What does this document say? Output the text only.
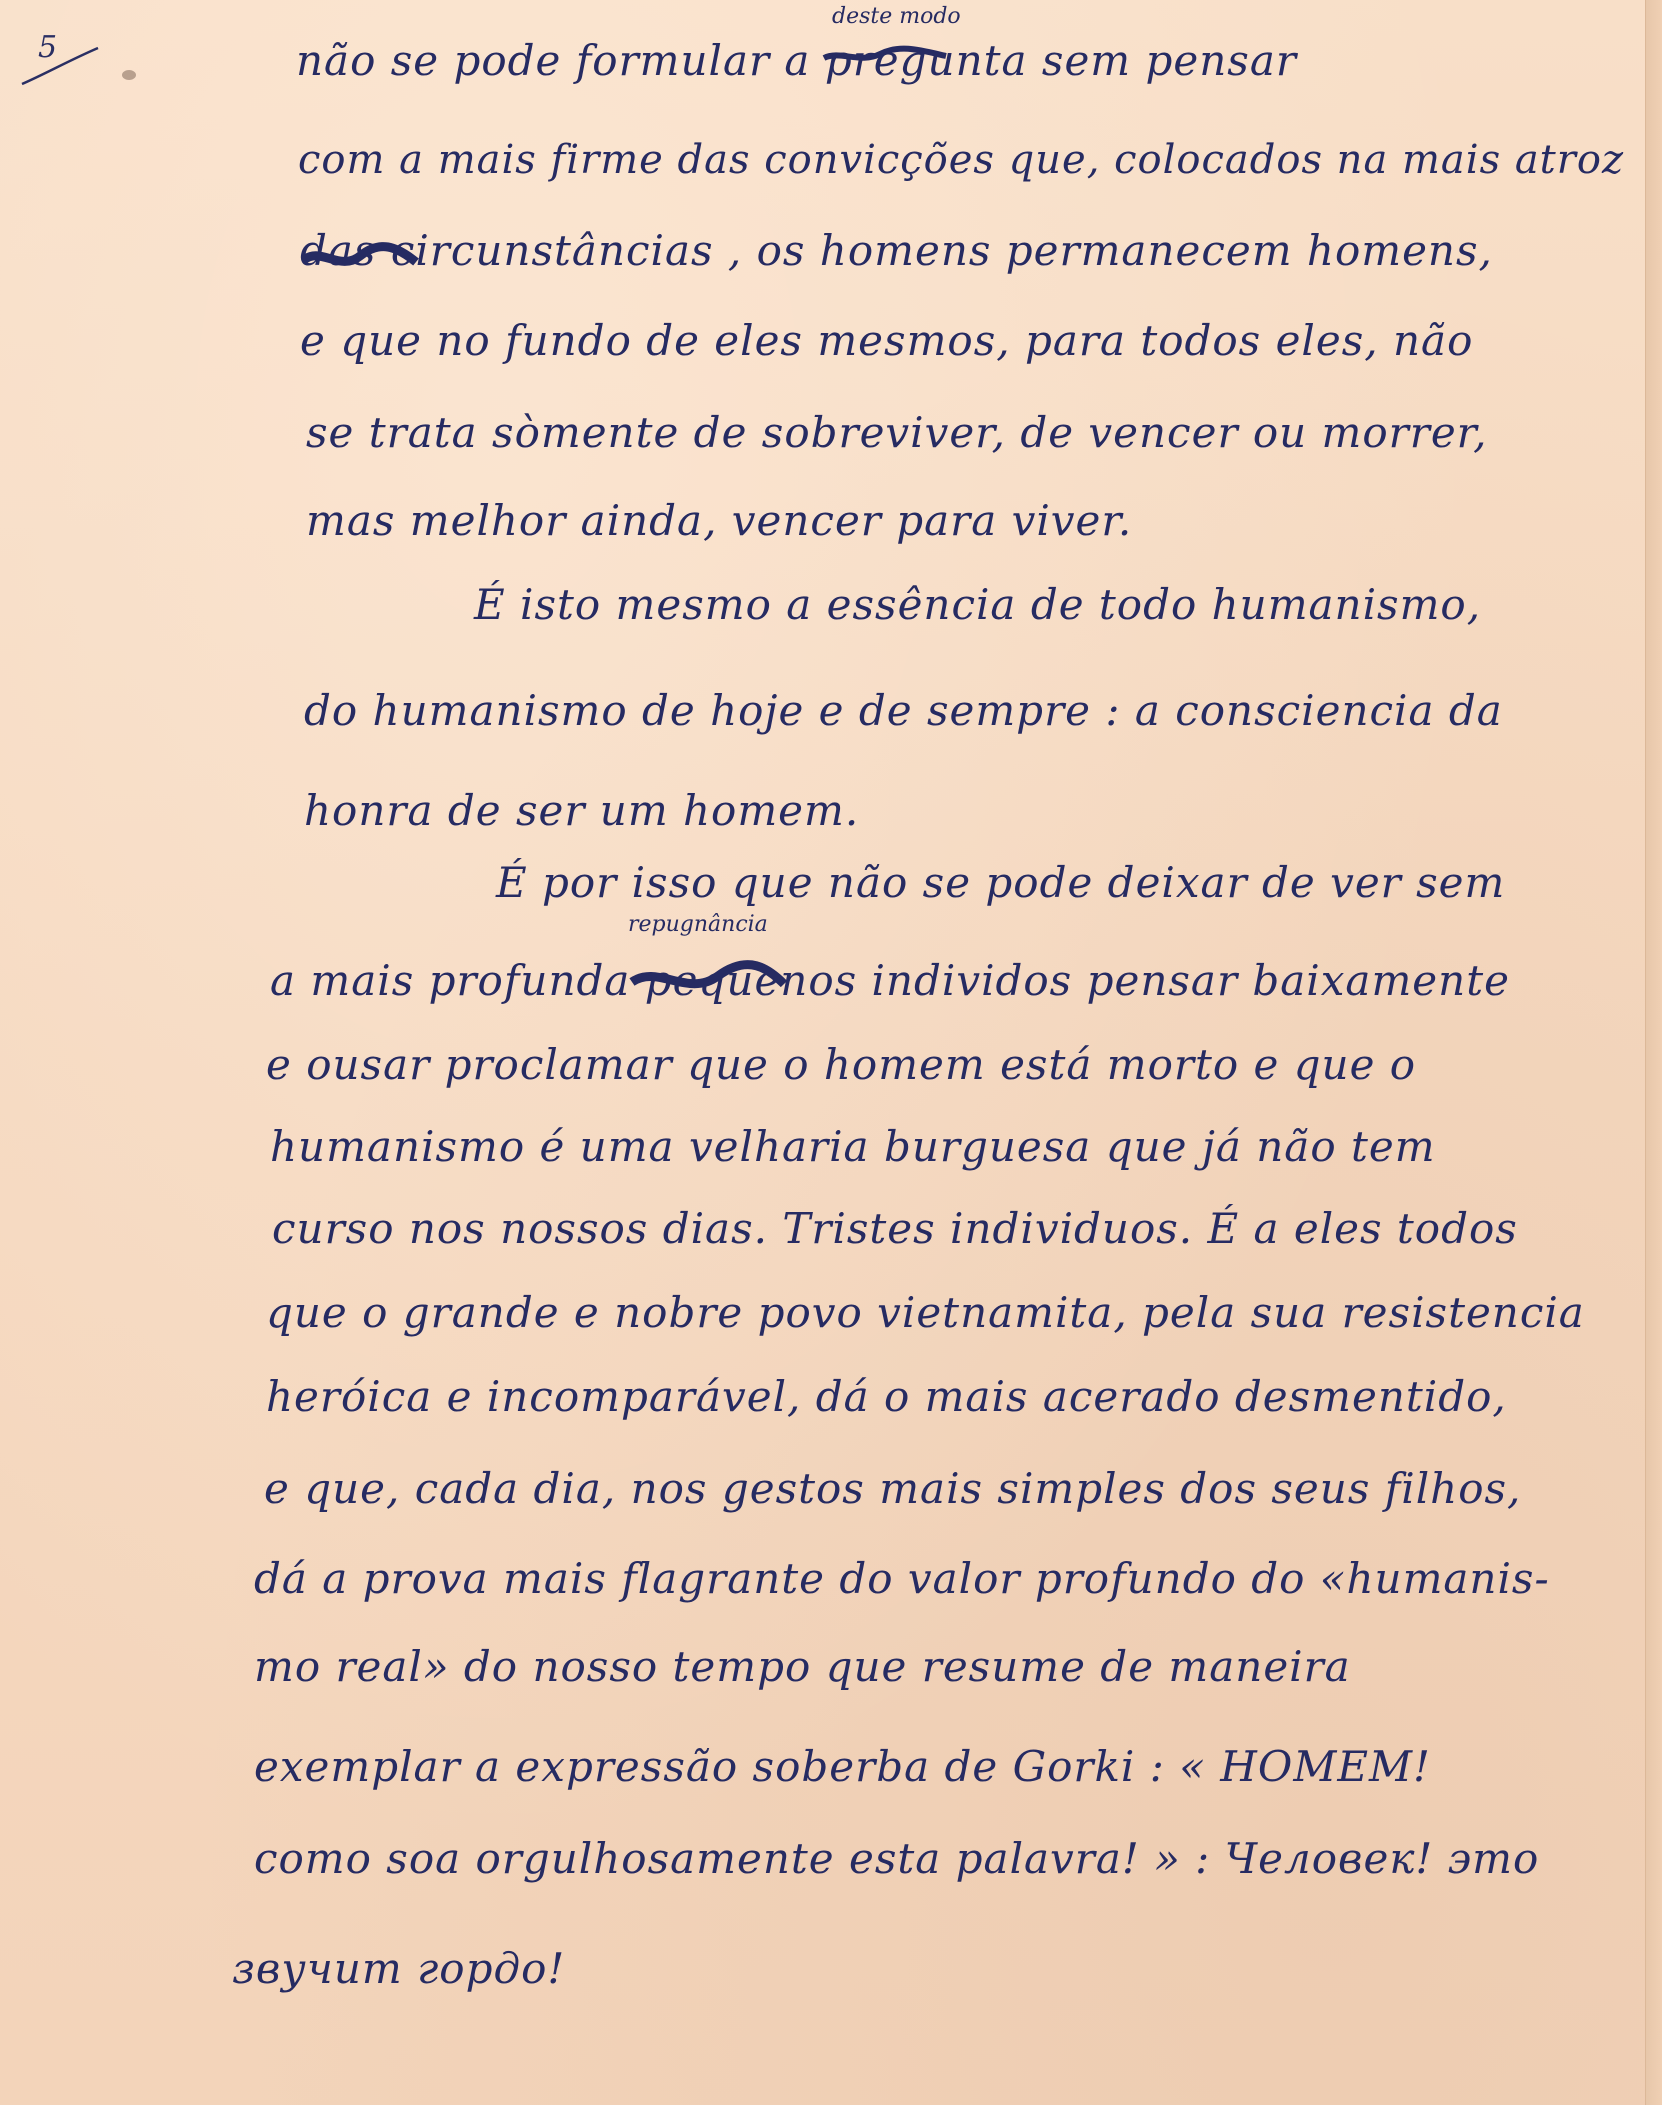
5
deste modo
repugnância
não se pode formular a pregunta sem pensar
com a mais firme das convicções que, colocados na mais atroz
das circunstâncias , os homens permanecem homens,
e que no fundo de eles mesmos, para todos eles, não
se trata sòmente de sobreviver, de vencer ou morrer,
mas melhor ainda, vencer para viver.
É isto mesmo a essência de todo humanismo,
do humanismo de hoje e de sempre : a consciencia da
honra de ser um homem.
É por isso que não se pode deixar de ver sem
a mais profunda pequenos individos pensar baixamente
e ousar proclamar que o homem está morto e que o
humanismo é uma velharia burguesa que já não tem
curso nos nossos dias. Tristes individuos. É a eles todos
que o grande e nobre povo vietnamita, pela sua resistencia
heróica e incomparável, dá o mais acerado desmentido,
e que, cada dia, nos gestos mais simples dos seus filhos,
dá a prova mais flagrante do valor profundo do «humanis-
mo real» do nosso tempo que resume de maneira
exemplar a expressão soberba de Gorki : « HOMEM!
como soa orgulhosamente esta palavra! » : Человек! это
звучит гордо!
